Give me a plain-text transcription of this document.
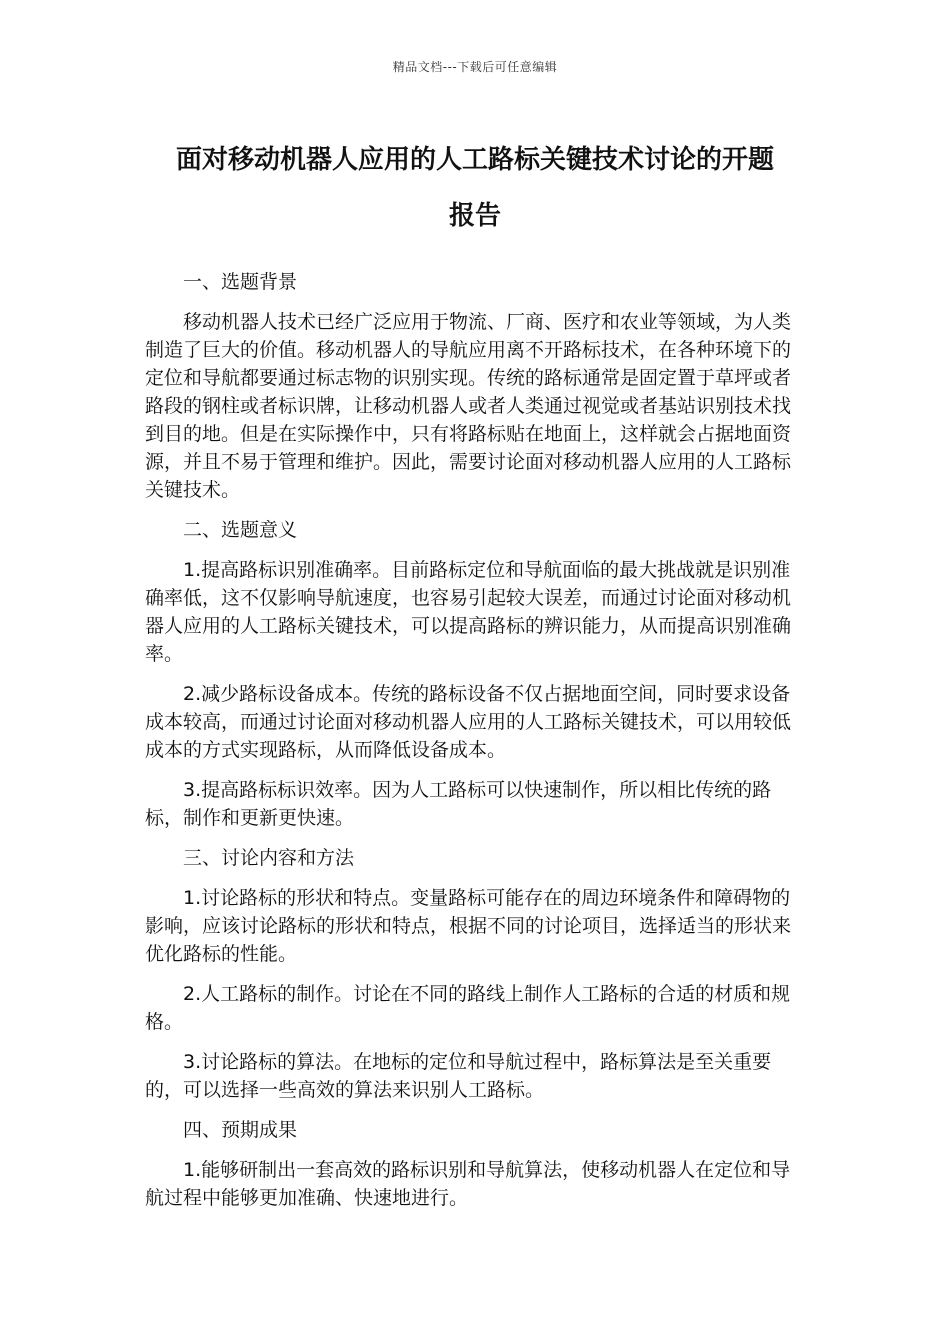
精品文档---下载后可任意编辑
面对移动机器人应用的人工路标关键技术讨论的开题
报告

一、选题背景

移动机器人技术已经广泛应用于物流、厂商、医疗和农业等领域，为人类制造了巨大的价值。移动机器人的导航应用离不开路标技术，在各种环境下的定位和导航都要通过标志物的识别实现。传统的路标通常是固定置于草坪或者路段的钢柱或者标识牌，让移动机器人或者人类通过视觉或者基站识别技术找到目的地。但是在实际操作中，只有将路标贴在地面上，这样就会占据地面资源，并且不易于管理和维护。因此，需要讨论面对移动机器人应用的人工路标关键技术。

二、选题意义

1.提高路标识别准确率。目前路标定位和导航面临的最大挑战就是识别准确率低，这不仅影响导航速度，也容易引起较大误差，而通过讨论面对移动机器人应用的人工路标关键技术，可以提高路标的辨识能力，从而提高识别准确率。

2.减少路标设备成本。传统的路标设备不仅占据地面空间，同时要求设备成本较高，而通过讨论面对移动机器人应用的人工路标关键技术，可以用较低成本的方式实现路标，从而降低设备成本。

3.提高路标标识效率。因为人工路标可以快速制作，所以相比传统的路标，制作和更新更快速。

三、讨论内容和方法

1.讨论路标的形状和特点。变量路标可能存在的周边环境条件和障碍物的影响，应该讨论路标的形状和特点，根据不同的讨论项目，选择适当的形状来优化路标的性能。

2.人工路标的制作。讨论在不同的路线上制作人工路标的合适的材质和规格。

3.讨论路标的算法。在地标的定位和导航过程中，路标算法是至关重要的，可以选择一些高效的算法来识别人工路标。

四、预期成果

1.能够研制出一套高效的路标识别和导航算法，使移动机器人在定位和导航过程中能够更加准确、快速地进行。
